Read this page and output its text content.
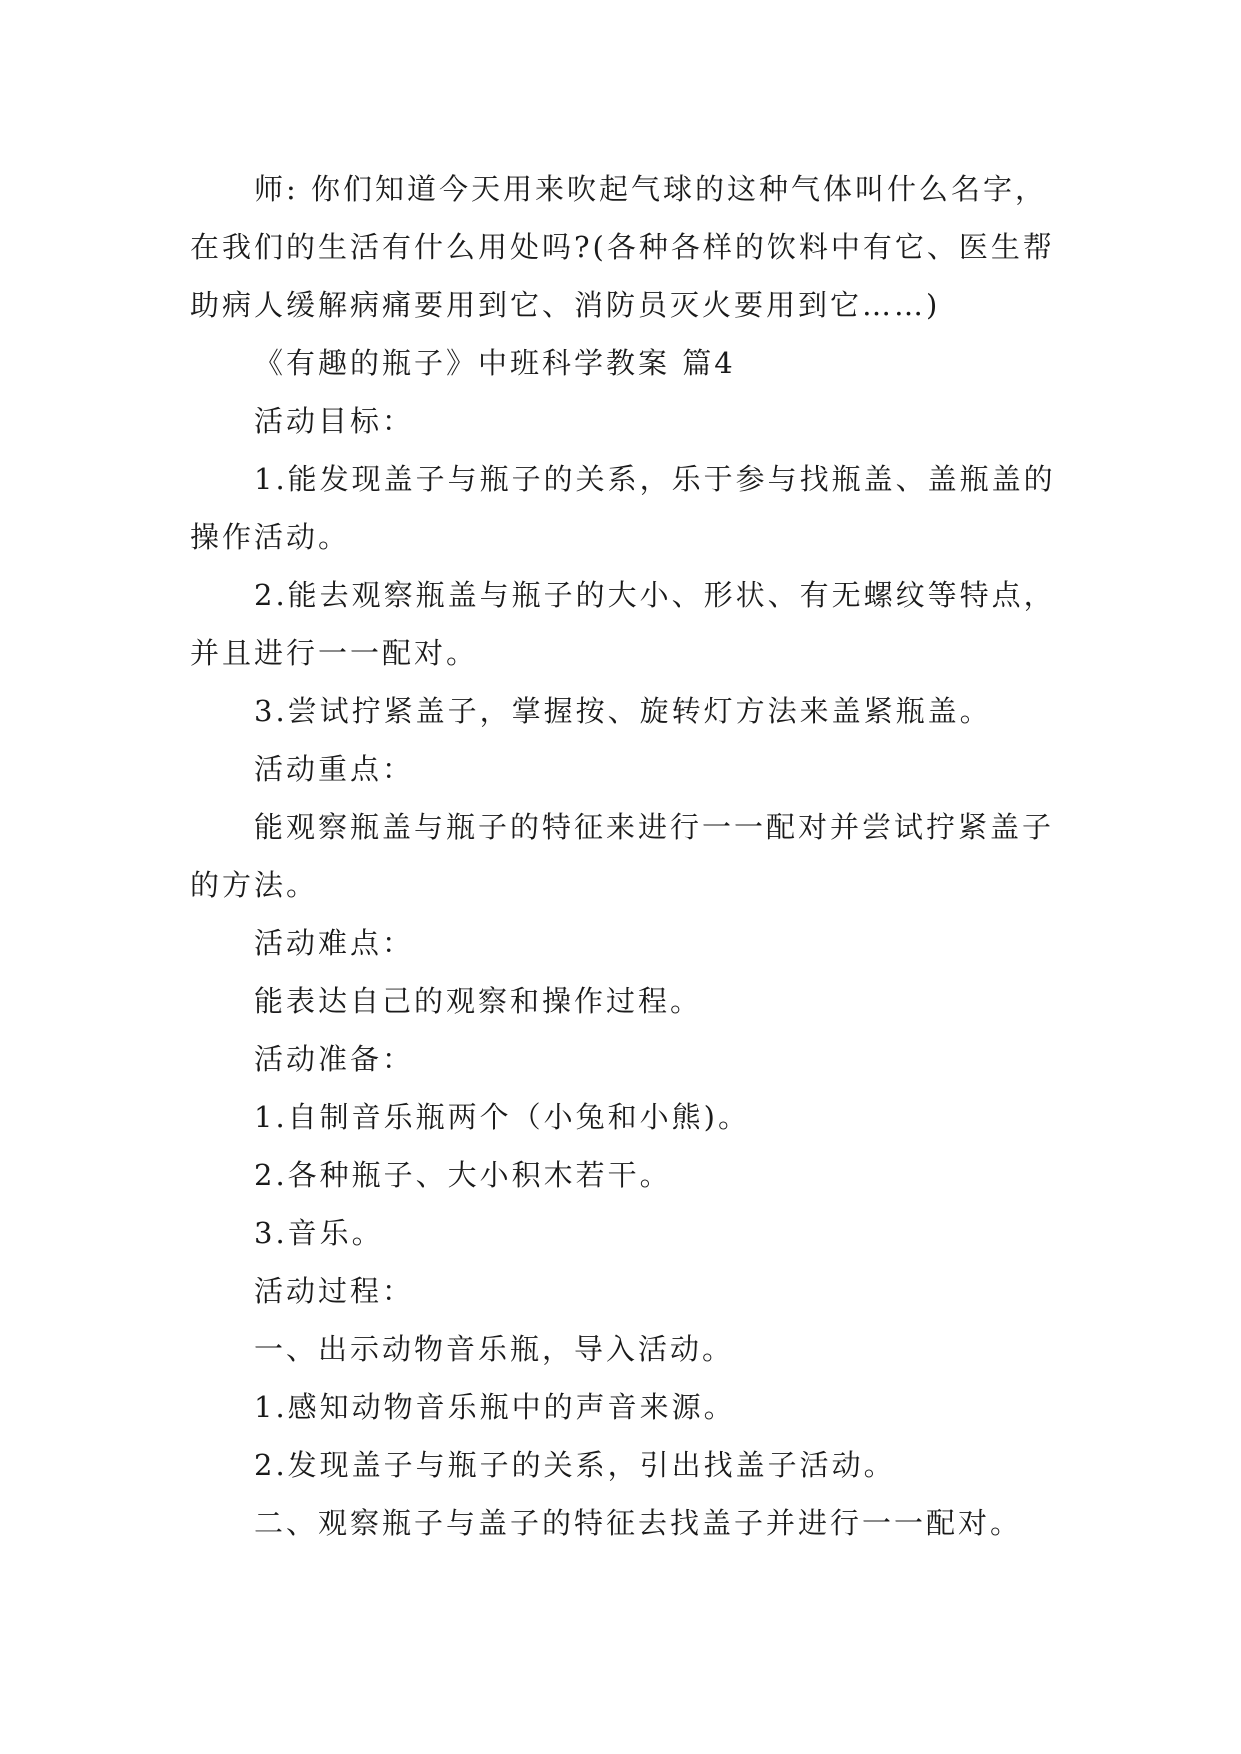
师: 你们知道今天用来吹起气球的这种气体叫什么名字，在我们的生活有什么用处吗?(各种各样的饮料中有它、医生帮助病人缓解病痛要用到它、消防员灭火要用到它……)

《有趣的瓶子》中班科学教案 篇4

活动目标：

1.能发现盖子与瓶子的关系，乐于参与找瓶盖、盖瓶盖的操作活动。

2.能去观察瓶盖与瓶子的大小、形状、有无螺纹等特点，并且进行一一配对。

3.尝试拧紧盖子，掌握按、旋转灯方法来盖紧瓶盖。

活动重点：

能观察瓶盖与瓶子的特征来进行一一配对并尝试拧紧盖子的方法。

活动难点：

能表达自己的观察和操作过程。

活动准备：

1.自制音乐瓶两个（小兔和小熊)。

2.各种瓶子、大小积木若干。

3.音乐。

活动过程：

一、出示动物音乐瓶，导入活动。

1.感知动物音乐瓶中的声音来源。

2.发现盖子与瓶子的关系，引出找盖子活动。

二、观察瓶子与盖子的特征去找盖子并进行一一配对。
